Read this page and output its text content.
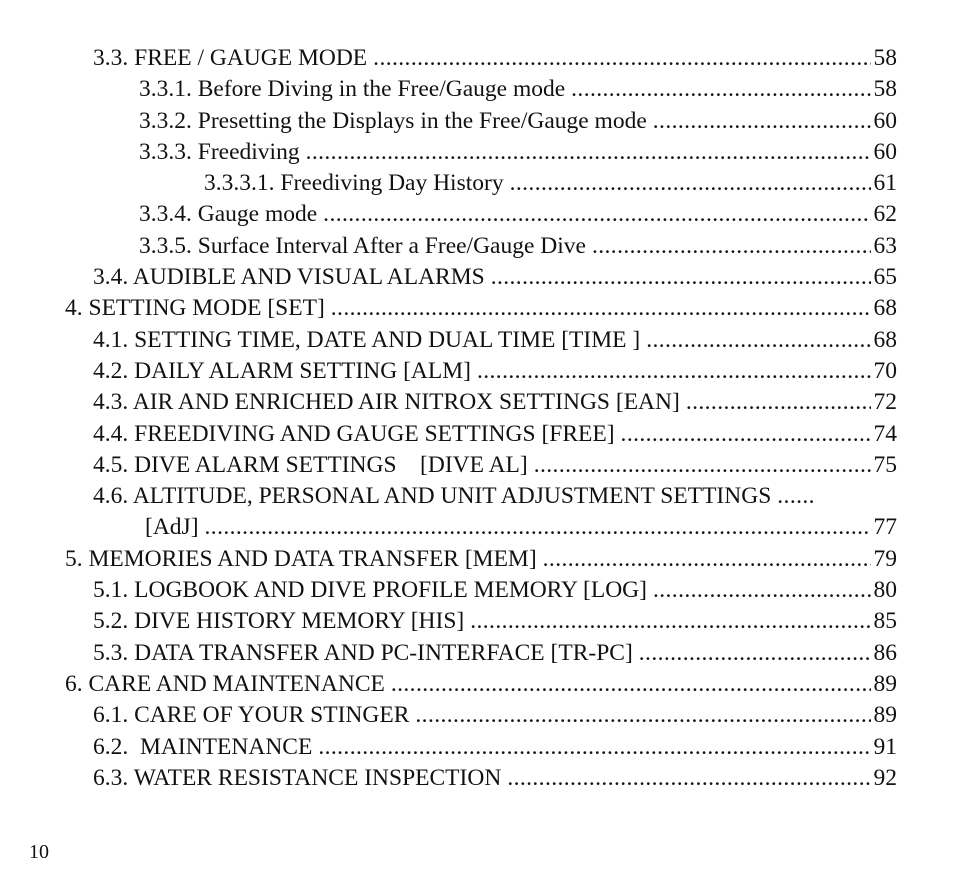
3.3. FREE / GAUGE MODE .....	58
3.3.1. Before Diving in the Free/Gauge mode .....	58
3.3.2. Presetting the Displays in the Free/Gauge mode .....	60
3.3.3. Freediving .....	60
3.3.3.1. Freediving Day History .....	61
3.3.4. Gauge mode .....	62
3.3.5. Surface Interval After a Free/Gauge Dive .....	63
3.4. AUDIBLE AND VISUAL ALARMS .....	65
4. SETTING MODE [SET] .....	68
4.1. SETTING TIME, DATE AND DUAL TIME [TIME ] .....	68
4.2. DAILY ALARM SETTING [ALM] .....	70
4.3. AIR AND ENRICHED AIR NITROX SETTINGS [EAN] .....	72
4.4. FREEDIVING AND GAUGE SETTINGS [FREE] .....	74
4.5. DIVE ALARM SETTINGS    [DIVE AL] .....	75
4.6. ALTITUDE, PERSONAL AND UNIT ADJUSTMENT SETTINGS ......
[AdJ] .....	77
5. MEMORIES AND DATA TRANSFER [MEM] .....	79
5.1. LOGBOOK AND DIVE PROFILE MEMORY [LOG] .....	80
5.2. DIVE HISTORY MEMORY [HIS] .....	85
5.3. DATA TRANSFER AND PC-INTERFACE [TR-PC] .....	86
6. CARE AND MAINTENANCE .....	89
6.1. CARE OF YOUR STINGER .....	89
6.2.  MAINTENANCE .....	91
6.3. WATER RESISTANCE INSPECTION .....	92
10
